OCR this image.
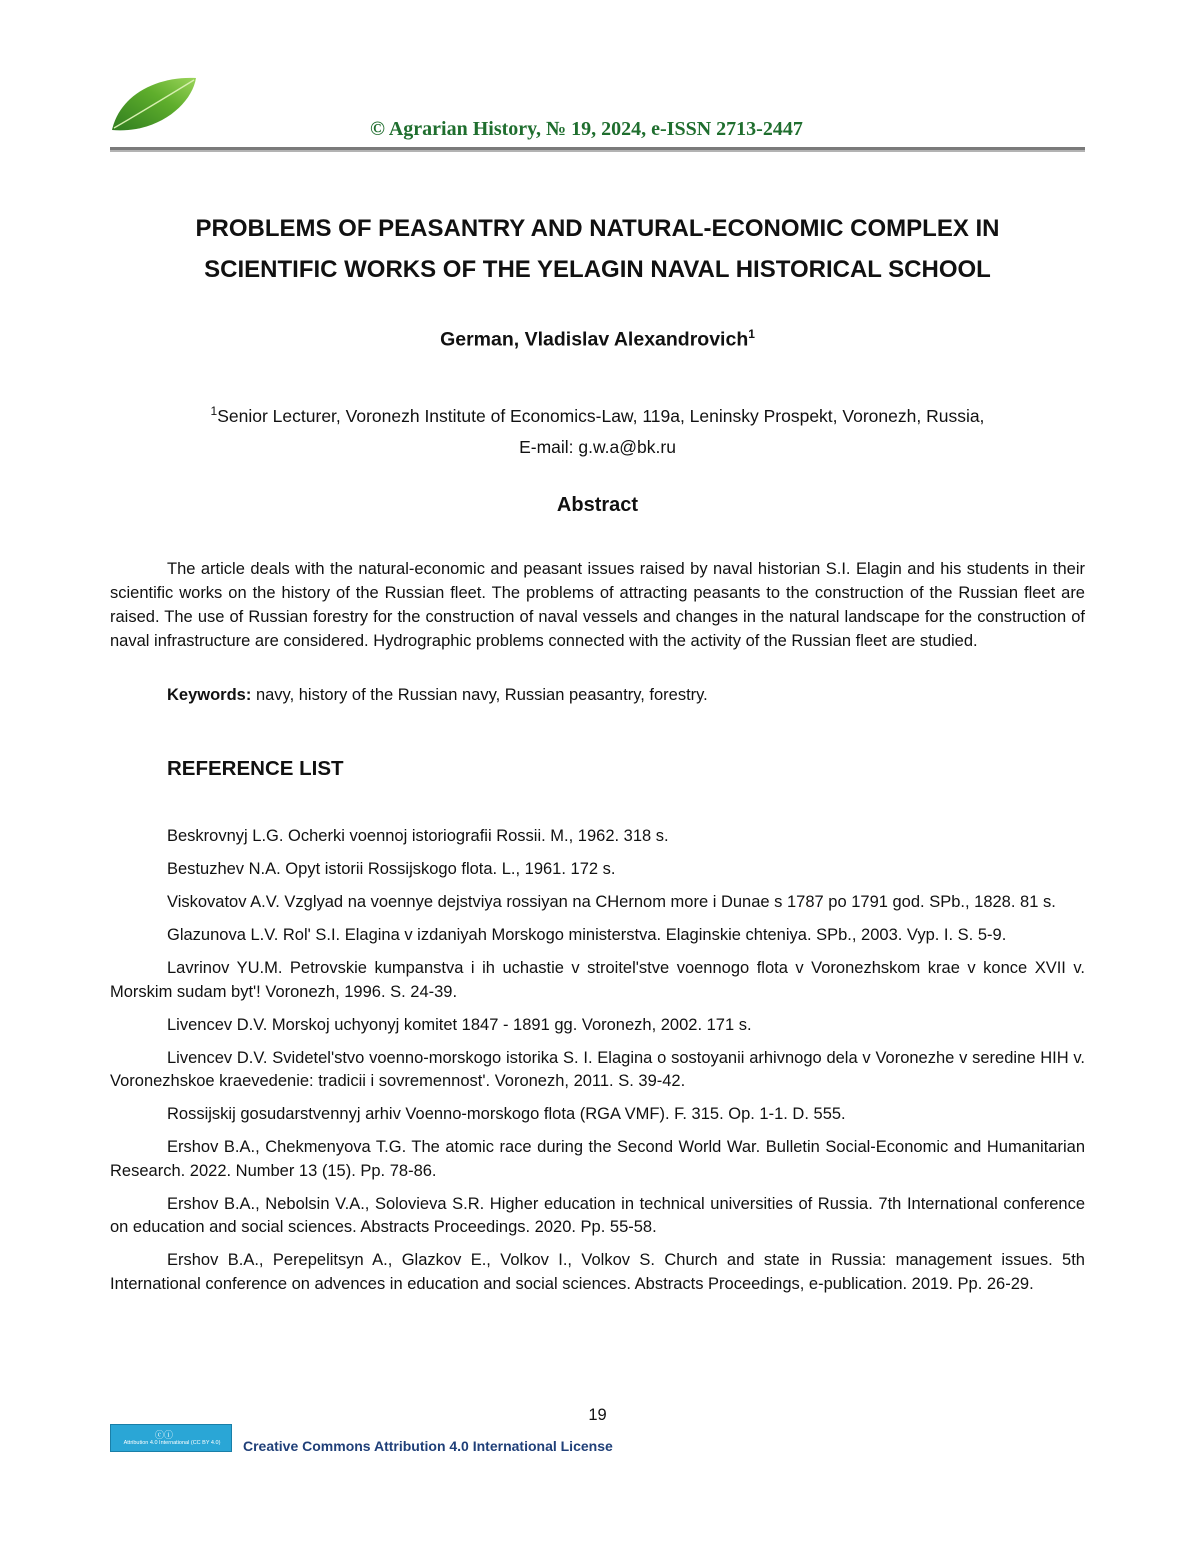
© Agrarian History, № 19, 2024, e-ISSN 2713-2447
PROBLEMS OF PEASANTRY AND NATURAL-ECONOMIC COMPLEX IN
SCIENTIFIC WORKS OF THE YELAGIN NAVAL HISTORICAL SCHOOL
German, Vladislav Alexandrovich$^1$
$^1$Senior Lecturer, Voronezh Institute of Economics-Law, 119a, Leninsky Prospekt, Voronezh, Russia,
E-mail: g.w.a@bk.ru
Abstract

The article deals with the natural-economic and peasant issues raised by naval historian S.I. Elagin and his students in their scientific works on the history of the Russian fleet. The problems of attracting peasants to the construction of the Russian fleet are raised. The use of Russian forestry for the construction of naval vessels and changes in the natural landscape for the construction of naval infrastructure are considered. Hydrographic problems connected with the activity of the Russian fleet are studied.

Keywords: navy, history of the Russian navy, Russian peasantry, forestry.

REFERENCE LIST
Beskrovnyj L.G. Ocherki voennoj istoriografii Rossii. M., 1962. 318 s.
Bestuzhev N.A. Opyt istorii Rossijskogo flota. L., 1961. 172 s.
Viskovatov A.V. Vzglyad na voennye dejstviya rossiyan na CHernom more i Dunae s 1787 po 1791 god. SPb., 1828. 81 s.
Glazunova L.V. Rol' S.I. Elagina v izdaniyah Morskogo ministerstva. Elaginskie chteniya. SPb., 2003. Vyp. I. S. 5-9.
Lavrinov YU.M. Petrovskie kumpanstva i ih uchastie v stroitel'stve voennogo flota v Voronezhskom krae v konce XVII v. Morskim sudam byt'! Voronezh, 1996. S. 24-39.
Livencev D.V. Morskoj uchyonyj komitet 1847 - 1891 gg. Voronezh, 2002. 171 s.
Livencev D.V. Svidetel'stvo voenno-morskogo istorika S. I. Elagina o sostoyanii arhivnogo dela v Voronezhe v seredine HIH v. Voronezhskoe kraevedenie: tradicii i sovremennost'. Voronezh, 2011. S. 39-42.
Rossijskij gosudarstvennyj arhiv Voenno-morskogo flota (RGA VMF). F. 315. Op. 1-1. D. 555.
Ershov B.A., Chekmenyova T.G. The atomic race during the Second World War. Bulletin Social-Economic and Humanitarian Research. 2022. Number 13 (15). Pp. 78-86.
Ershov B.A., Nebolsin V.A., Solovieva S.R. Higher education in technical universities of Russia. 7th International conference on education and social sciences. Abstracts Proceedings. 2020. Pp. 55-58.
Ershov B.A., Perepelitsyn A., Glazkov E., Volkov I., Volkov S. Church and state in Russia: management issues. 5th International conference on advences in education and social sciences. Abstracts Proceedings, e-publication. 2019. Pp. 26-29.
19
ⓒⓘ
Attribution 4.0 International (CC BY 4.0)	Creative Commons Attribution 4.0 International License
